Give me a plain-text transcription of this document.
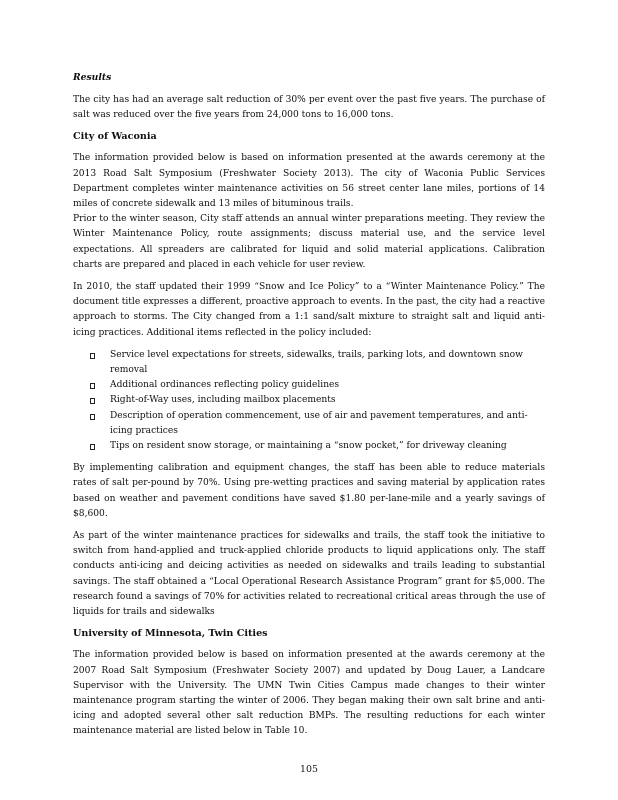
Results

The city has had an average salt reduction of 30% per event over the past five years. The purchase of salt was reduced over the five years from 24,000 tons to 16,000 tons.

City of Waconia

The information provided below is based on information presented at the awards ceremony at the 2013 Road Salt Symposium (Freshwater Society 2013). The city of Waconia Public Services Department completes winter maintenance activities on 56 street center lane miles, portions of 14 miles of concrete sidewalk and 13 miles of bituminous trails.

Prior to the winter season, City staff attends an annual winter preparations meeting. They review the Winter Maintenance Policy, route assignments; discuss material use, and the service level expectations. All spreaders are calibrated for liquid and solid material applications. Calibration charts are prepared and placed in each vehicle for user review.

In 2010, the staff updated their 1999 “Snow and Ice Policy” to a “Winter Maintenance Policy.” The document title expresses a different, proactive approach to events. In the past, the city had a reactive approach to storms. The City changed from a 1:1 sand/salt mixture to straight salt and liquid anti-icing practices. Additional items reflected in the policy included:

Service level expectations for streets, sidewalks, trails, parking lots, and downtown snow removal
Additional ordinances reflecting policy guidelines
Right-of-Way uses, including mailbox placements
Description of operation commencement, use of air and pavement temperatures, and anti-icing practices
Tips on resident snow storage, or maintaining a “snow pocket,” for driveway cleaning

By implementing calibration and equipment changes, the staff has been able to reduce materials rates of salt per-pound by 70%. Using pre-wetting practices and saving material by application rates based on weather and pavement conditions have saved $1.80 per-lane-mile and a yearly savings of $8,600.

As part of the winter maintenance practices for sidewalks and trails, the staff took the initiative to switch from hand-applied and truck-applied chloride products to liquid applications only. The staff conducts anti-icing and deicing activities as needed on sidewalks and trails leading to substantial savings. The staff obtained a “Local Operational Research Assistance Program” grant for $5,000. The research found a savings of 70% for activities related to recreational critical areas through the use of liquids for trails and sidewalks

University of Minnesota, Twin Cities

The information provided below is based on information presented at the awards ceremony at the 2007 Road Salt Symposium (Freshwater Society 2007) and updated by Doug Lauer, a Landcare Supervisor with the University. The UMN Twin Cities Campus made changes to their winter maintenance program starting the winter of 2006. They began making their own salt brine and anti-icing and adopted several other salt reduction BMPs. The resulting reductions for each winter maintenance material are listed below in Table 10.

105
